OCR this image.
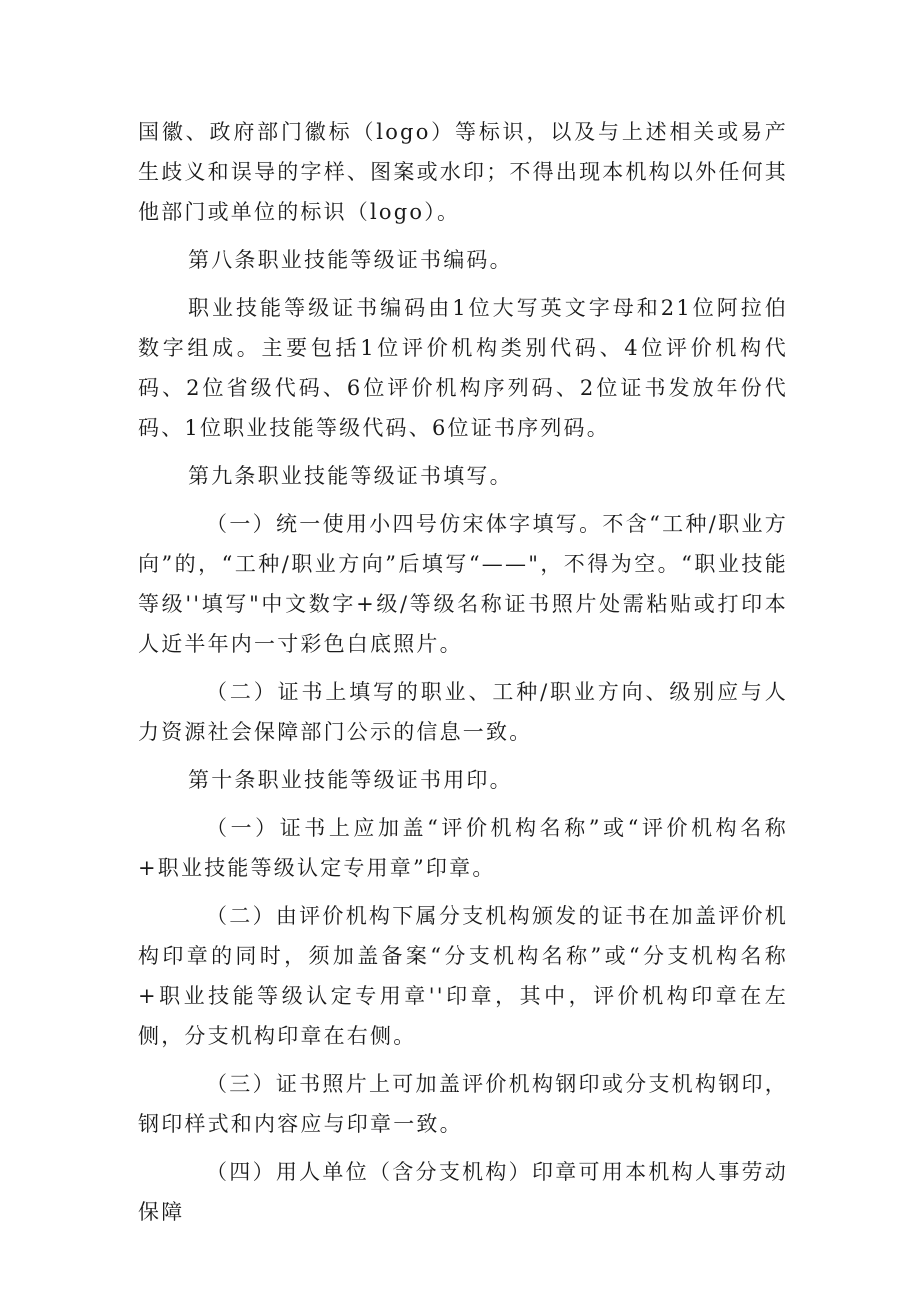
国徽、政府部门徽标（logo）等标识，以及与上述相关或易产生歧义和误导的字样、图案或水印；不得出现本机构以外任何其他部门或单位的标识（logo）。

第八条职业技能等级证书编码。

职业技能等级证书编码由1位大写英文字母和21位阿拉伯数字组成。主要包括1位评价机构类别代码、4位评价机构代码、2位省级代码、6位评价机构序列码、2位证书发放年份代码、1位职业技能等级代码、6位证书序列码。

第九条职业技能等级证书填写。

（一）统一使用小四号仿宋体字填写。不含“工种/职业方向”的，“工种/职业方向”后填写“——"，不得为空。“职业技能等级''填写"中文数字+级/等级名称证书照片处需粘贴或打印本人近半年内一寸彩色白底照片。

（二）证书上填写的职业、工种/职业方向、级别应与人力资源社会保障部门公示的信息一致。

第十条职业技能等级证书用印。

（一）证书上应加盖“评价机构名称”或“评价机构名称+职业技能等级认定专用章”印章。

（二）由评价机构下属分支机构颁发的证书在加盖评价机构印章的同时，须加盖备案“分支机构名称”或“分支机构名称+职业技能等级认定专用章''印章，其中，评价机构印章在左侧，分支机构印章在右侧。

（三）证书照片上可加盖评价机构钢印或分支机构钢印，钢印样式和内容应与印章一致。

（四）用人单位（含分支机构）印章可用本机构人事劳动保障
